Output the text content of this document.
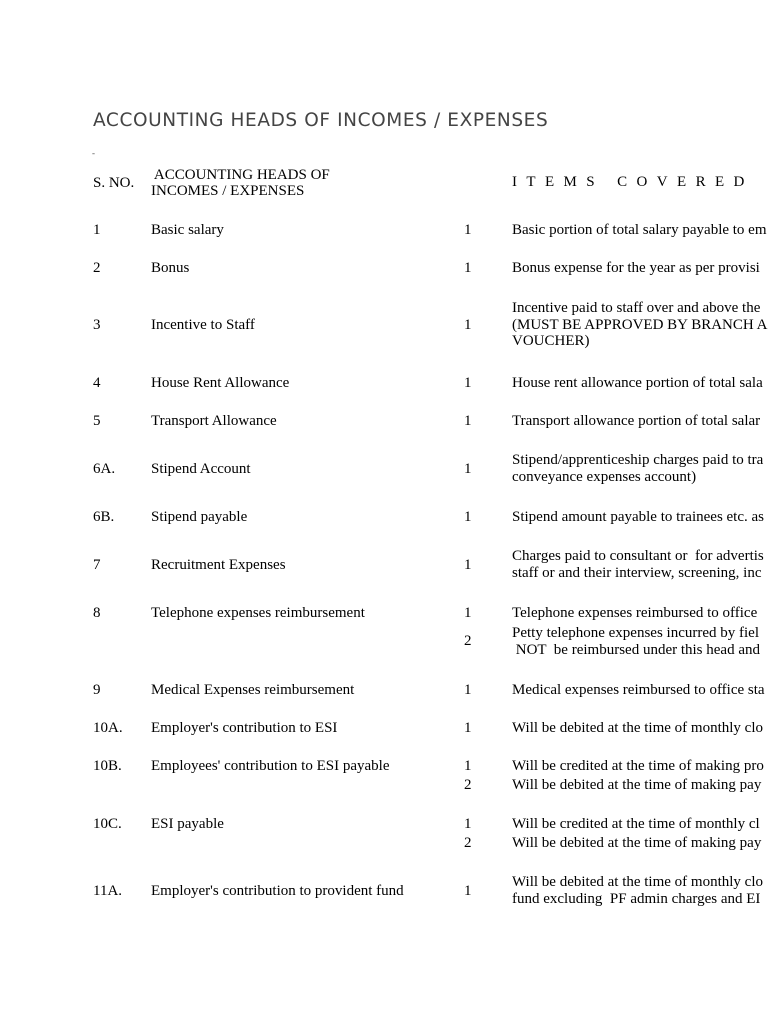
ACCOUNTING HEADS OF INCOMES / EXPENSES
-
S. NO. ACCOUNTING HEADS OF
INCOMES / EXPENSES
ITEMS COVERED
1	Basic salary	1	Basic portion of total salary payable to em
2	Bonus	1	Bonus expense for the year as per provisi
3	Incentive to Staff	1
Incentive paid to staff over and above the
(MUST BE APPROVED BY BRANCH A
VOUCHER)
4	House Rent Allowance	1	House rent allowance portion of total sala
5	Transport Allowance	1	Transport allowance portion of total salar
6A. Stipend Account	1
Stipend/apprenticeship charges paid to tra
conveyance expenses account)
6B. Stipend payable	1	Stipend amount payable to trainees etc. as
7	Recruitment Expenses	1
Charges paid to consultant or  for advertis
staff or and their interview, screening, inc
8	Telephone expenses reimbursement	1	Telephone expenses reimbursed to office
2	Petty telephone expenses incurred by fiel
NOT  be reimbursed under this head and
9	Medical Expenses reimbursement	1	Medical expenses reimbursed to office sta
10A. Employer's contribution to ESI	1	Will be debited at the time of monthly clo
10B. Employees' contribution to ESI payable	1	Will be credited at the time of making pro
2	Will be debited at the time of making pay
10C. ESI payable	1	Will be credited at the time of monthly cl
2	Will be debited at the time of making pay
11A. Employer's contribution to provident fund	1
Will be debited at the time of monthly clo
fund excluding  PF admin charges and EI
